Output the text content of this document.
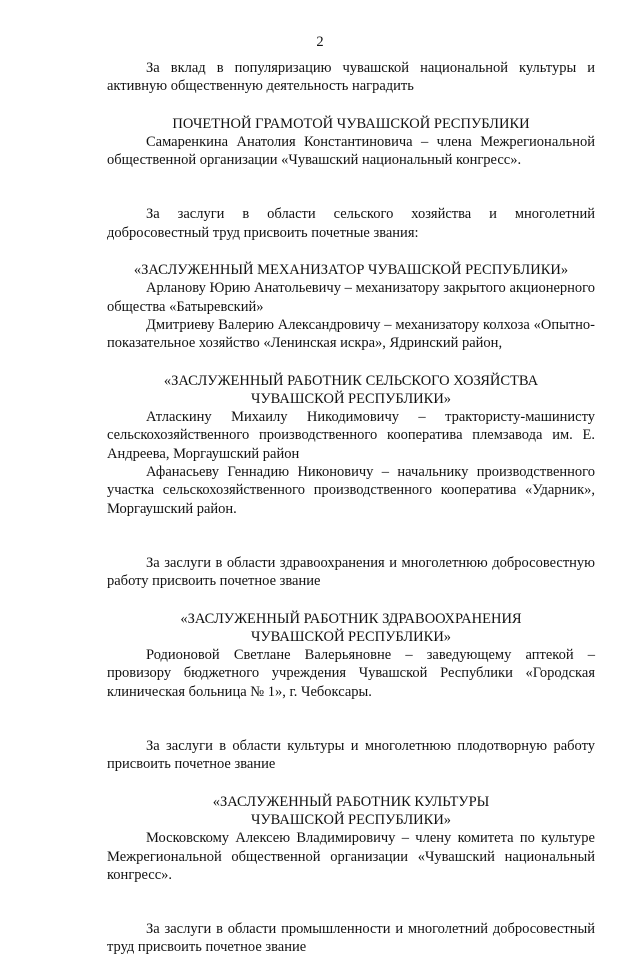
2

За вклад в популяризацию чувашской национальной культуры и активную общественную деятельность наградить

ПОЧЕТНОЙ ГРАМОТОЙ ЧУВАШСКОЙ РЕСПУБЛИКИ

Самаренкина Анатолия Константиновича – члена Межрегиональной общественной организации «Чувашский национальный конгресс».

За заслуги в области сельского хозяйства и многолетний добросовестный труд присвоить почетные звания:

«ЗАСЛУЖЕННЫЙ МЕХАНИЗАТОР ЧУВАШСКОЙ РЕСПУБЛИКИ»

Арланову Юрию Анатольевичу – механизатору закрытого акционерного общества «Батыревский»

Дмитриеву Валерию Александровичу – механизатору колхоза «Опытно-показательное хозяйство «Ленинская искра», Ядринский район,

«ЗАСЛУЖЕННЫЙ РАБОТНИК СЕЛЬСКОГО ХОЗЯЙСТВА

ЧУВАШСКОЙ РЕСПУБЛИКИ»

Атласкину Михаилу Никодимовичу – трактористу-машинисту сельскохозяйственного производственного кооператива племзавода им. Е. Андреева, Моргаушский район

Афанасьеву Геннадию Никоновичу – начальнику производственного участка сельскохозяйственного производственного кооператива «Ударник», Моргаушский район.

За заслуги в области здравоохранения и многолетнюю добросовестную работу присвоить почетное звание

«ЗАСЛУЖЕННЫЙ РАБОТНИК ЗДРАВООХРАНЕНИЯ

ЧУВАШСКОЙ РЕСПУБЛИКИ»

Родионовой Светлане Валерьяновне – заведующему аптекой – провизору бюджетного учреждения Чувашской Республики «Городская клиническая больница № 1», г. Чебоксары.

За заслуги в области культуры и многолетнюю плодотворную работу присвоить почетное звание

«ЗАСЛУЖЕННЫЙ РАБОТНИК КУЛЬТУРЫ

ЧУВАШСКОЙ РЕСПУБЛИКИ»

Московскому Алексею Владимировичу – члену комитета по культуре Межрегиональной общественной организации «Чувашский национальный конгресс».

За заслуги в области промышленности и многолетний добросовестный труд присвоить почетное звание
